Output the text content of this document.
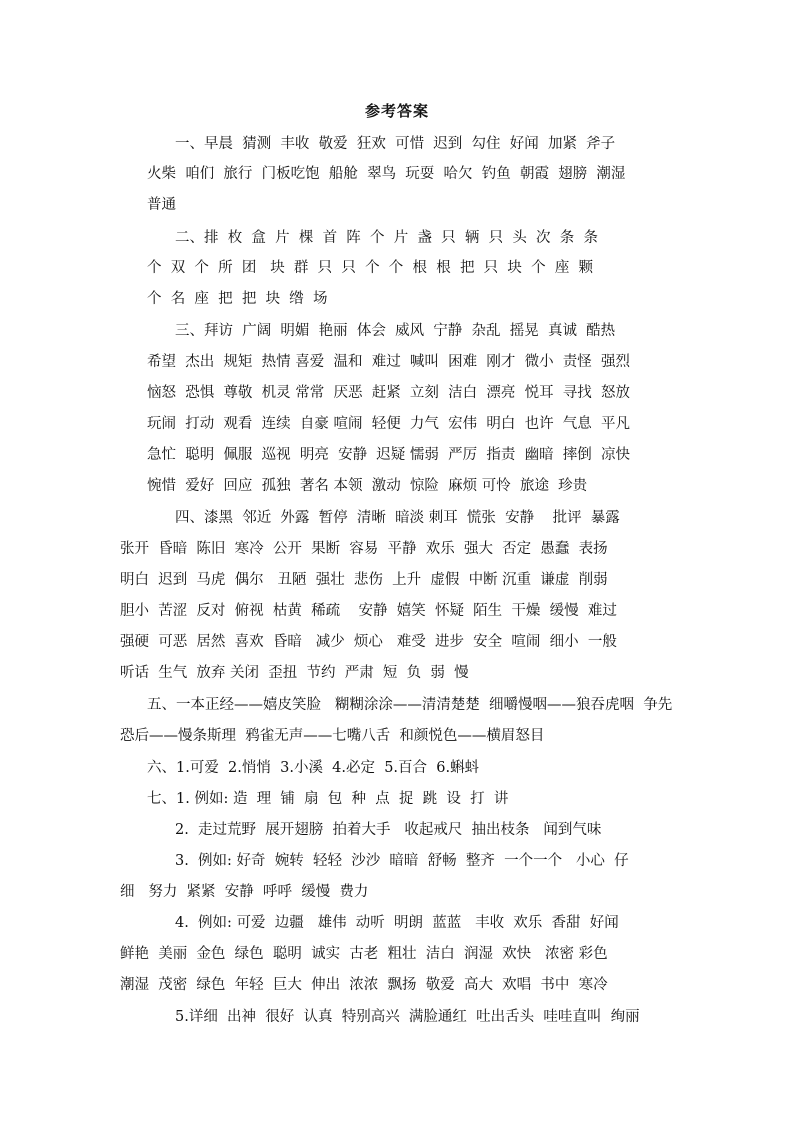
参考答案
一、早晨  猜测  丰收  敬爱  狂欢  可惜  迟到  勾住  好闻  加紧  斧子
火柴  咱们  旅行  门板吃饱  船舱  翠鸟  玩耍  哈欠  钓鱼  朝霞  翅膀  潮湿
普通
二、排  枚  盒  片  棵  首  阵  个  片  盏  只  辆  只  头  次  条  条
个  双  个  所  团   块  群  只  只  个  个  根  根  把  只  块  个  座  颗
个  名  座  把  把  块  绺  场
三、拜访  广阔  明媚  艳丽  体会  威风  宁静  杂乱  摇晃  真诚  酷热
希望  杰出  规矩  热情 喜爱  温和  难过  喊叫  困难  刚才  微小  责怪  强烈
恼怒  恐惧  尊敬  机灵 常常  厌恶  赶紧  立刻  洁白  漂亮  悦耳  寻找  怒放
玩闹  打动  观看  连续  自豪 喧闹  轻便  力气  宏伟  明白  也许  气息  平凡
急忙  聪明  佩服  巡视  明亮  安静  迟疑 懦弱  严厉  指责  幽暗  摔倒  凉快
惋惜  爱好  回应  孤独  著名 本领  激动  惊险  麻烦 可怜  旅途  珍贵
四、漆黑  邻近  外露  暂停  清晰  暗淡 刺耳  慌张  安静    批评  暴露
张开  昏暗  陈旧  寒冷  公开  果断  容易  平静  欢乐  强大  否定  愚蠢  表扬
明白  迟到  马虎  偶尔   丑陋  强壮  悲伤  上升  虚假  中断 沉重  谦虚  削弱
胆小  苦涩  反对  俯视  枯黄  稀疏    安静  嬉笑  怀疑  陌生  干燥  缓慢  难过
强硬  可恶  居然  喜欢  昏暗   减少  烦心   难受  进步  安全  喧闹  细小  一般
听话  生气  放弃 关闭  歪扭  节约  严肃  短  负  弱  慢
五、一本正经——嬉皮笑脸   糊糊涂涂——清清楚楚  细嚼慢咽——狼吞虎咽  争先
恐后——慢条斯理  鸦雀无声——七嘴八舌  和颜悦色——横眉怒目
六、1.可爱  2.悄悄  3.小溪  4.必定  5.百合  6.蝌蚪
七、1. 例如: 造  理  铺  扇  包  种  点  捉  跳  设  打  讲
2.  走过荒野  展开翅膀  拍着大手   收起戒尺  抽出枝条   闻到气味
3.  例如: 好奇  婉转  轻轻  沙沙  暗暗  舒畅  整齐  一个一个   小心  仔
细   努力  紧紧  安静  呼呼  缓慢  费力
4.  例如: 可爱  边疆   雄伟  动听  明朗  蓝蓝   丰收  欢乐  香甜  好闻
鲜艳  美丽  金色  绿色  聪明  诚实  古老  粗壮  洁白  润湿  欢快   浓密 彩色
潮湿  茂密  绿色  年轻  巨大  伸出  浓浓  飘扬  敬爱  高大  欢唱  书中  寒冷
5.详细  出神  很好  认真  特别高兴  满脸通红  吐出舌头  哇哇直叫  绚丽
